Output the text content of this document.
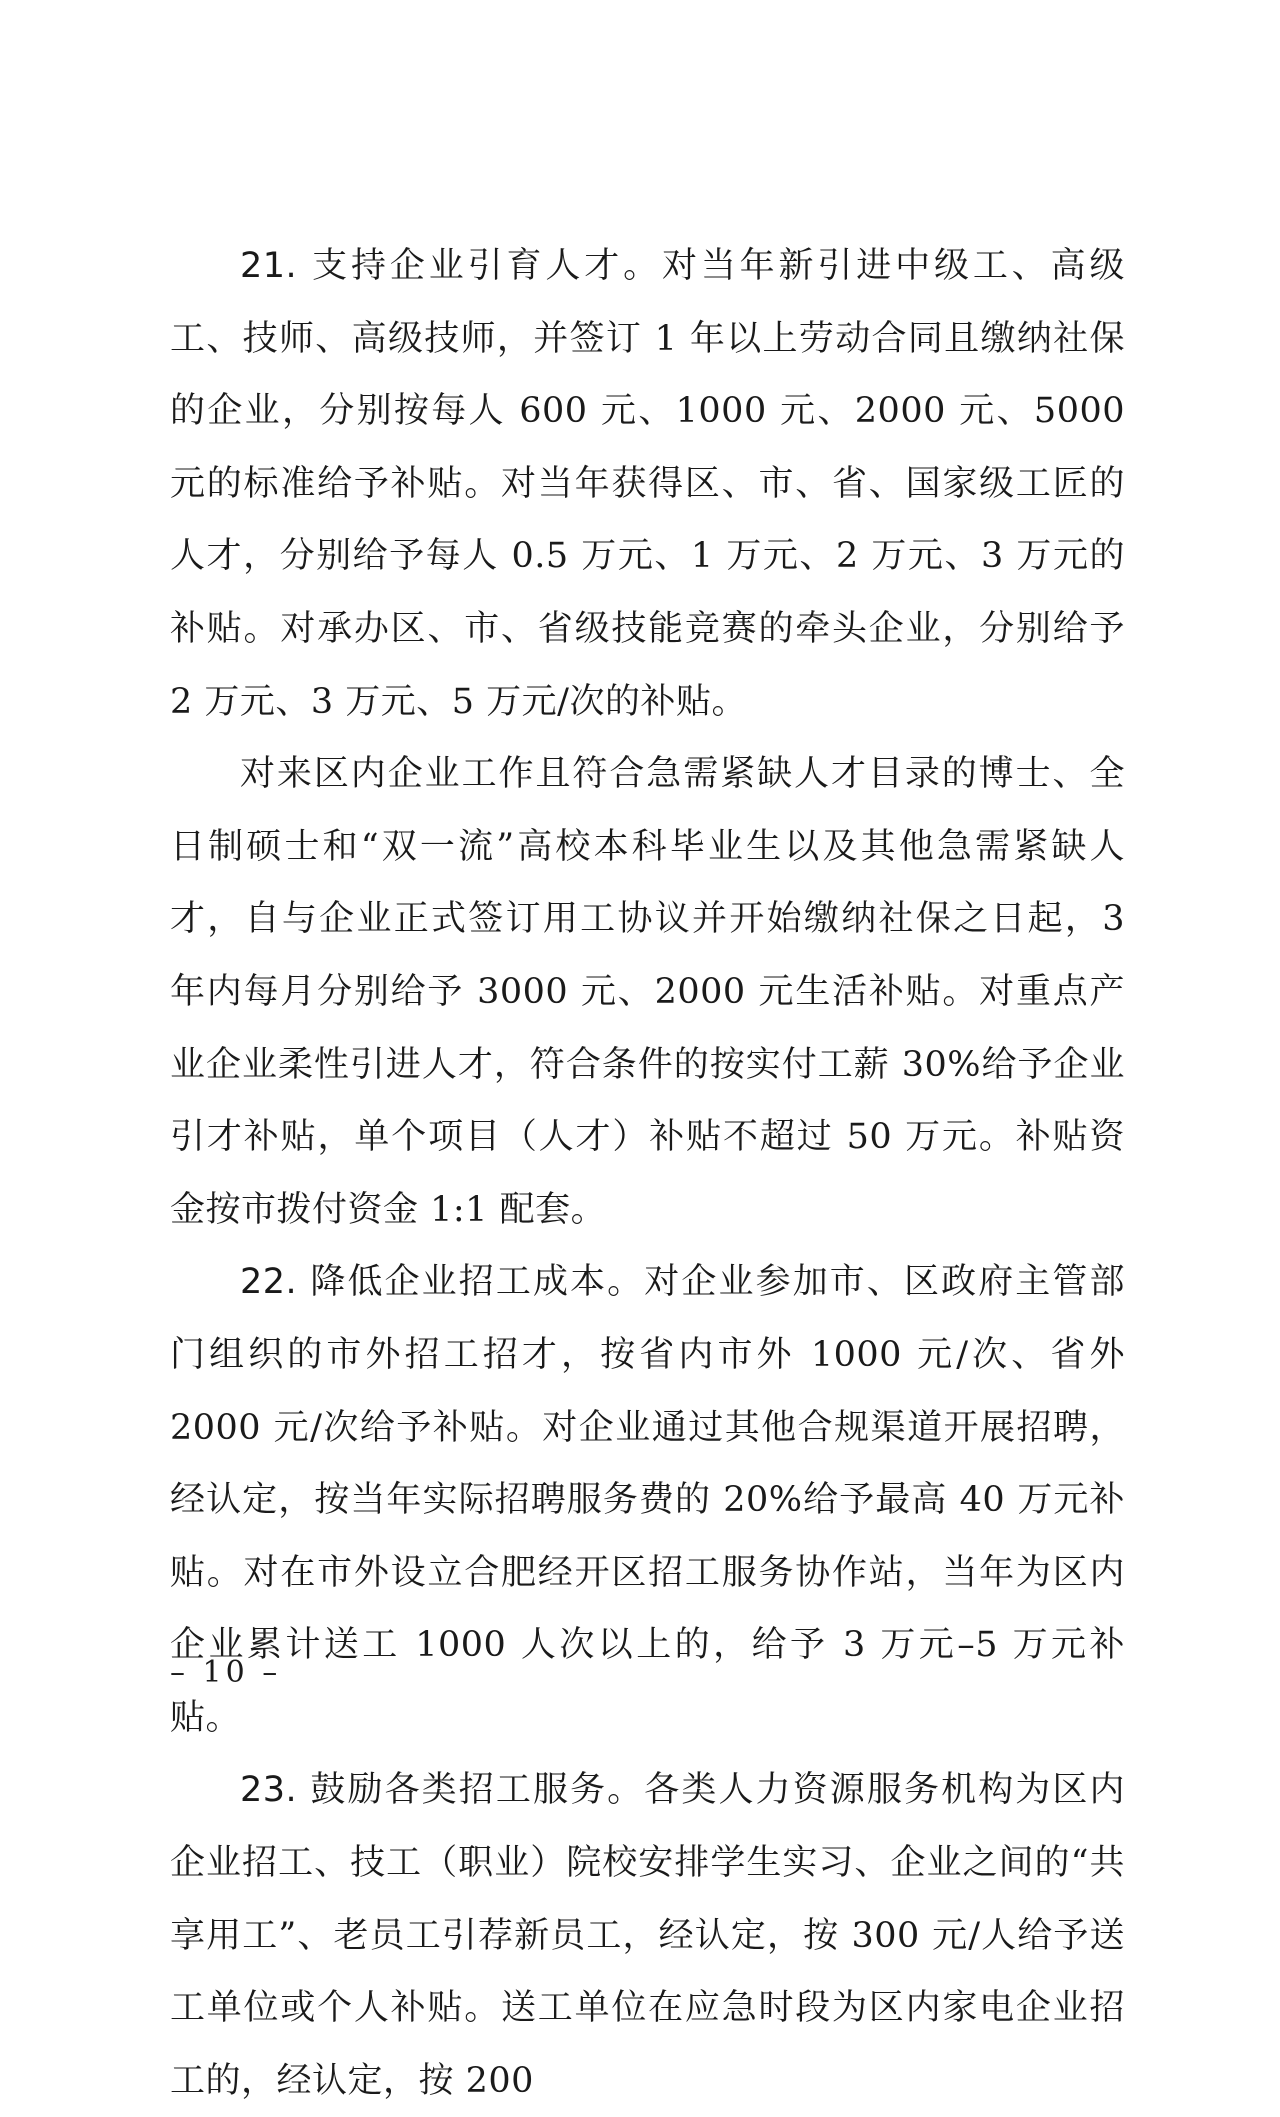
21. 支持企业引育人才。对当年新引进中级工、高级工、技师、高级技师，并签订 1 年以上劳动合同且缴纳社保的企业，分别按每人 600 元、1000 元、2000 元、5000 元的标准给予补贴。对当年获得区、市、省、国家级工匠的人才，分别给予每人 0.5 万元、1 万元、2 万元、3 万元的补贴。对承办区、市、省级技能竞赛的牵头企业，分别给予 2 万元、3 万元、5 万元/次的补贴。

对来区内企业工作且符合急需紧缺人才目录的博士、全日制硕士和“双一流”高校本科毕业生以及其他急需紧缺人才，自与企业正式签订用工协议并开始缴纳社保之日起，3 年内每月分别给予 3000 元、2000 元生活补贴。对重点产业企业柔性引进人才，符合条件的按实付工薪 30%给予企业引才补贴，单个项目（人才）补贴不超过 50 万元。补贴资金按市拨付资金 1:1 配套。

22. 降低企业招工成本。对企业参加市、区政府主管部门组织的市外招工招才，按省内市外 1000 元/次、省外 2000 元/次给予补贴。对企业通过其他合规渠道开展招聘，经认定，按当年实际招聘服务费的 20%给予最高 40 万元补贴。对在市外设立合肥经开区招工服务协作站，当年为区内企业累计送工 1000 人次以上的，给予 3 万元–5 万元补贴。

23. 鼓励各类招工服务。各类人力资源服务机构为区内企业招工、技工（职业）院校安排学生实习、企业之间的“共享用工”、老员工引荐新员工，经认定，按 300 元/人给予送工单位或个人补贴。送工单位在应急时段为区内家电企业招工的，经认定，按 200

– 10 –
